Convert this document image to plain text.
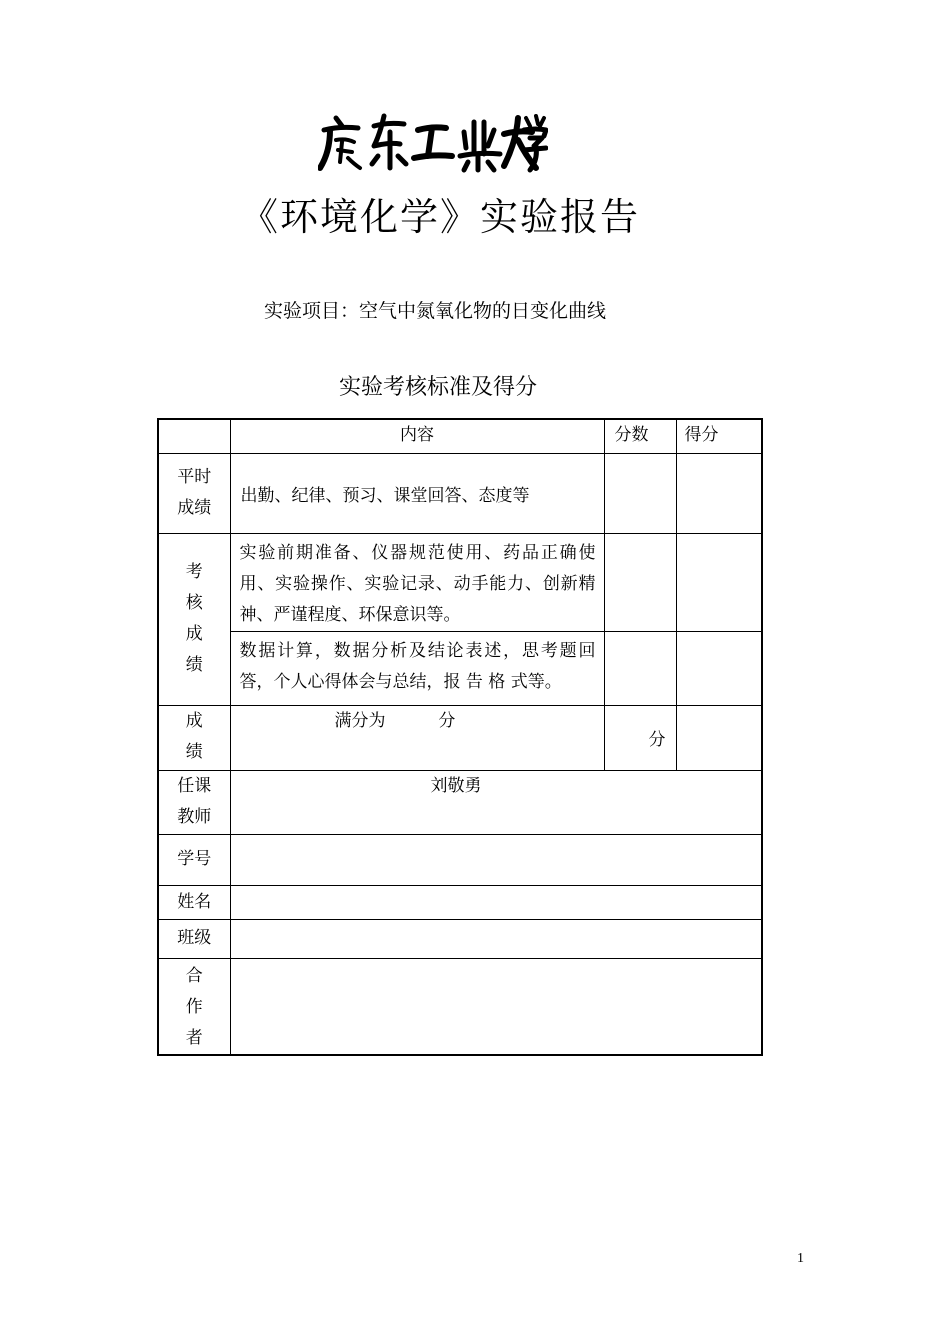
《环境化学》实验报告
实验项目：空气中氮氧化物的日变化曲线
实验考核标准及得分
	内容	分数	得分

平时
成绩	出勤、纪律、预习、课堂回答、态度等		

考
核
成
绩	实验前期准备、仪器规范使用、药品正确使用、实验操作、实验记录、动手能力、创新精神、严谨程度、环保意识等。		
	数据计算，数据分析及结论表述，思考题回答，个人心得体会与总结，报 告 格 式等。		

成
绩	满分为 分	分	

任课
教师	刘敬勇		
学号			
姓名			
班级			

合
作
者			

1
